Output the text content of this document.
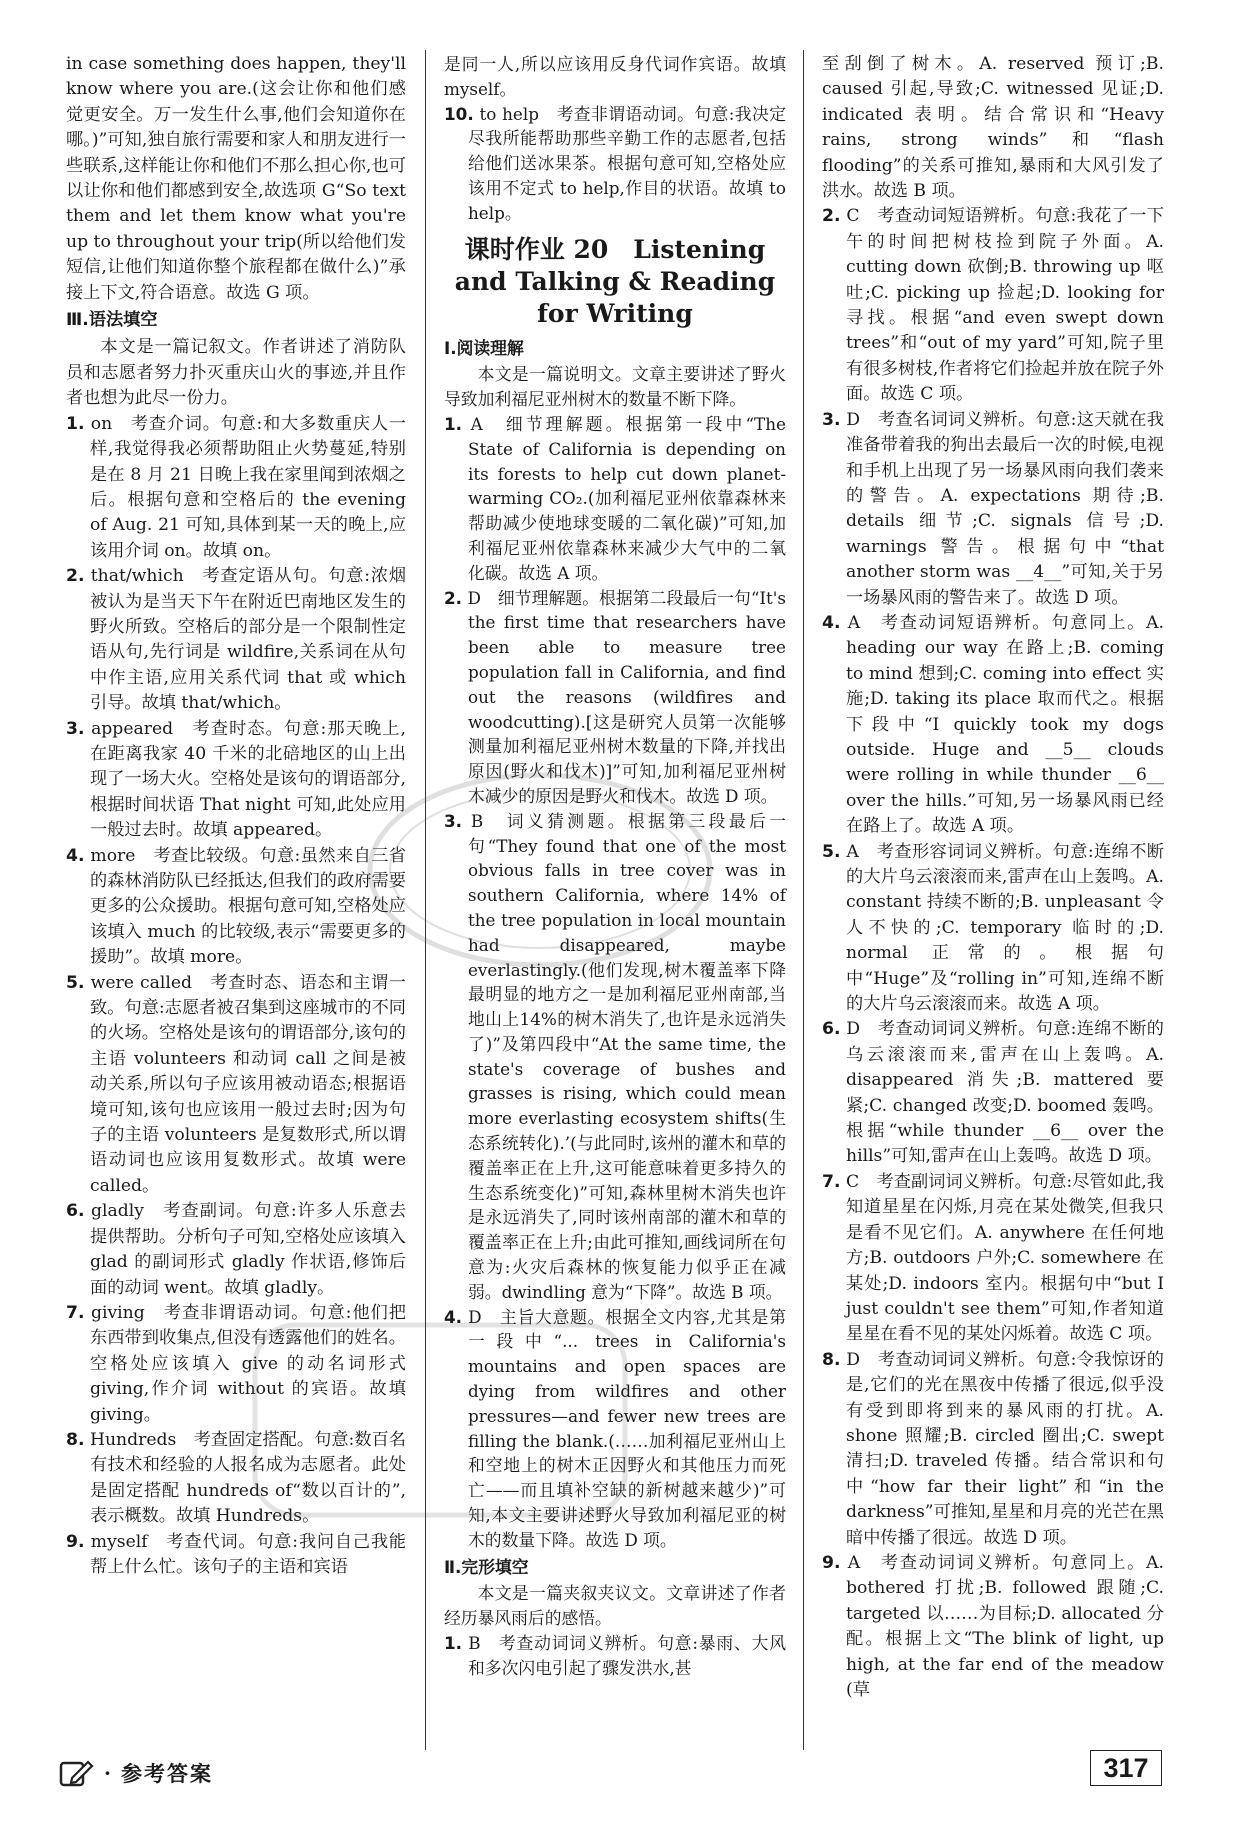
in case something does happen, they'll know where you are.(这会让你和他们感觉更安全。万一发生什么事,他们会知道你在哪。)”可知,独自旅行需要和家人和朋友进行一些联系,这样能让你和他们不那么担心你,也可以让你和他们都感到安全,故选项 G“So text them and let them know what you're up to throughout your trip(所以给他们发短信,让他们知道你整个旅程都在做什么)”承接上下文,符合语意。故选 G 项。

Ⅲ.语法填空

本文是一篇记叙文。作者讲述了消防队员和志愿者努力扑灭重庆山火的事迹,并且作者也想为此尽一份力。

1. on　考查介词。句意:和大多数重庆人一样,我觉得我必须帮助阻止火势蔓延,特别是在 8 月 21 日晚上我在家里闻到浓烟之后。根据句意和空格后的 the evening of Aug. 21 可知,具体到某一天的晚上,应该用介词 on。故填 on。

2. that/which　考查定语从句。句意:浓烟被认为是当天下午在附近巴南地区发生的野火所致。空格后的部分是一个限制性定语从句,先行词是 wildfire,关系词在从句中作主语,应用关系代词 that 或 which 引导。故填 that/which。

3. appeared　考查时态。句意:那天晚上,在距离我家 40 千米的北碚地区的山上出现了一场大火。空格处是该句的谓语部分,根据时间状语 That night 可知,此处应用一般过去时。故填 appeared。

4. more　考查比较级。句意:虽然来自三省的森林消防队已经抵达,但我们的政府需要更多的公众援助。根据句意可知,空格处应该填入 much 的比较级,表示“需要更多的援助”。故填 more。

5. were called　考查时态、语态和主谓一致。句意:志愿者被召集到这座城市的不同的火场。空格处是该句的谓语部分,该句的主语 volunteers 和动词 call 之间是被动关系,所以句子应该用被动语态;根据语境可知,该句也应该用一般过去时;因为句子的主语 volunteers 是复数形式,所以谓语动词也应该用复数形式。故填 were called。

6. gladly　考查副词。句意:许多人乐意去提供帮助。分析句子可知,空格处应该填入 glad 的副词形式 gladly 作状语,修饰后面的动词 went。故填 gladly。

7. giving　考查非谓语动词。句意:他们把东西带到收集点,但没有透露他们的姓名。空格处应该填入 give 的动名词形式 giving,作介词 without 的宾语。故填 giving。

8. Hundreds　考查固定搭配。句意:数百名有技术和经验的人报名成为志愿者。此处是固定搭配 hundreds of“数以百计的”,表示概数。故填 Hundreds。

9. myself　考查代词。句意:我问自己我能帮上什么忙。该句子的主语和宾语

是同一人,所以应该用反身代词作宾语。故填 myself。

10. to help　考查非谓语动词。句意:我决定尽我所能帮助那些辛勤工作的志愿者,包括给他们送冰果茶。根据句意可知,空格处应该用不定式 to help,作目的状语。故填 to help。

课时作业 20　Listening and Talking & Reading for Writing

Ⅰ.阅读理解

本文是一篇说明文。文章主要讲述了野火导致加利福尼亚州树木的数量不断下降。

1. A　细节理解题。根据第一段中“The State of California is depending on its forests to help cut down planet-warming CO₂.(加利福尼亚州依靠森林来帮助减少使地球变暖的二氧化碳)”可知,加利福尼亚州依靠森林来减少大气中的二氧化碳。故选 A 项。

2. D　细节理解题。根据第二段最后一句“It's the first time that researchers have been able to measure tree population fall in California, and find out the reasons (wildfires and woodcutting).[这是研究人员第一次能够测量加利福尼亚州树木数量的下降,并找出原因(野火和伐木)]”可知,加利福尼亚州树木减少的原因是野火和伐木。故选 D 项。

3. B　词义猜测题。根据第三段最后一句“They found that one of the most obvious falls in tree cover was in southern California, where 14% of the tree population in local mountain had disappeared, maybe everlastingly.(他们发现,树木覆盖率下降最明显的地方之一是加利福尼亚州南部,当地山上14%的树木消失了,也许是永远消失了)”及第四段中“At the same time, the state's coverage of bushes and grasses is rising, which could mean more everlasting ecosystem shifts(生态系统转化).’(与此同时,该州的灌木和草的覆盖率正在上升,这可能意味着更多持久的生态系统变化)”可知,森林里树木消失也许是永远消失了,同时该州南部的灌木和草的覆盖率正在上升;由此可推知,画线词所在句意为:火灾后森林的恢复能力似乎正在减弱。dwindling 意为“下降”。故选 B 项。

4. D　主旨大意题。根据全文内容,尤其是第一段中“... trees in California's mountains and open spaces are dying from wildfires and other pressures—and fewer new trees are filling the blank.(……加利福尼亚州山上和空地上的树木正因野火和其他压力而死亡——而且填补空缺的新树越来越少)”可知,本文主要讲述野火导致加利福尼亚的树木的数量下降。故选 D 项。

Ⅱ.完形填空

本文是一篇夹叙夹议文。文章讲述了作者经历暴风雨后的感悟。

1. B　考查动词词义辨析。句意:暴雨、大风和多次闪电引起了骤发洪水,甚

至刮倒了树木。A. reserved 预订;B. caused 引起,导致;C. witnessed 见证;D. indicated 表明。结合常识和“Heavy rains, strong winds”和“flash flooding”的关系可推知,暴雨和大风引发了洪水。故选 B 项。

2. C　考查动词短语辨析。句意:我花了一下午的时间把树枝捡到院子外面。A. cutting down 砍倒;B. throwing up 呕吐;C. picking up 捡起;D. looking for 寻找。根据“and even swept down trees”和“out of my yard”可知,院子里有很多树枝,作者将它们捡起并放在院子外面。故选 C 项。

3. D　考查名词词义辨析。句意:这天就在我准备带着我的狗出去最后一次的时候,电视和手机上出现了另一场暴风雨向我们袭来的警告。A. expectations 期待;B. details 细节;C. signals 信号;D. warnings 警告。根据句中“that another storm was __4__”可知,关于另一场暴风雨的警告来了。故选 D 项。

4. A　考查动词短语辨析。句意同上。A. heading our way 在路上;B. coming to mind 想到;C. coming into effect 实施;D. taking its place 取而代之。根据下段中“I quickly took my dogs outside. Huge and __5__ clouds were rolling in while thunder __6__ over the hills.”可知,另一场暴风雨已经在路上了。故选 A 项。

5. A　考查形容词词义辨析。句意:连绵不断的大片乌云滚滚而来,雷声在山上轰鸣。A. constant 持续不断的;B. unpleasant 令人不快的;C. temporary 临时的;D. normal 正常的。根据句中“Huge”及“rolling in”可知,连绵不断的大片乌云滚滚而来。故选 A 项。

6. D　考查动词词义辨析。句意:连绵不断的乌云滚滚而来,雷声在山上轰鸣。A. disappeared 消失;B. mattered 要紧;C. changed 改变;D. boomed 轰鸣。根据“while thunder __6__ over the hills”可知,雷声在山上轰鸣。故选 D 项。

7. C　考查副词词义辨析。句意:尽管如此,我知道星星在闪烁,月亮在某处微笑,但我只是看不见它们。A. anywhere 在任何地方;B. outdoors 户外;C. somewhere 在某处;D. indoors 室内。根据句中“but I just couldn't see them”可知,作者知道星星在看不见的某处闪烁着。故选 C 项。

8. D　考查动词词义辨析。句意:令我惊讶的是,它们的光在黑夜中传播了很远,似乎没有受到即将到来的暴风雨的打扰。A. shone 照耀;B. circled 圈出;C. swept 清扫;D. traveled 传播。结合常识和句中“how far their light”和“in the darkness”可推知,星星和月亮的光芒在黑暗中传播了很远。故选 D 项。

9. A　考查动词词义辨析。句意同上。A. bothered 打扰;B. followed 跟随;C. targeted 以……为目标;D. allocated 分配。根据上文“The blink of light, up high, at the far end of the meadow (草

· 参考答案	317
